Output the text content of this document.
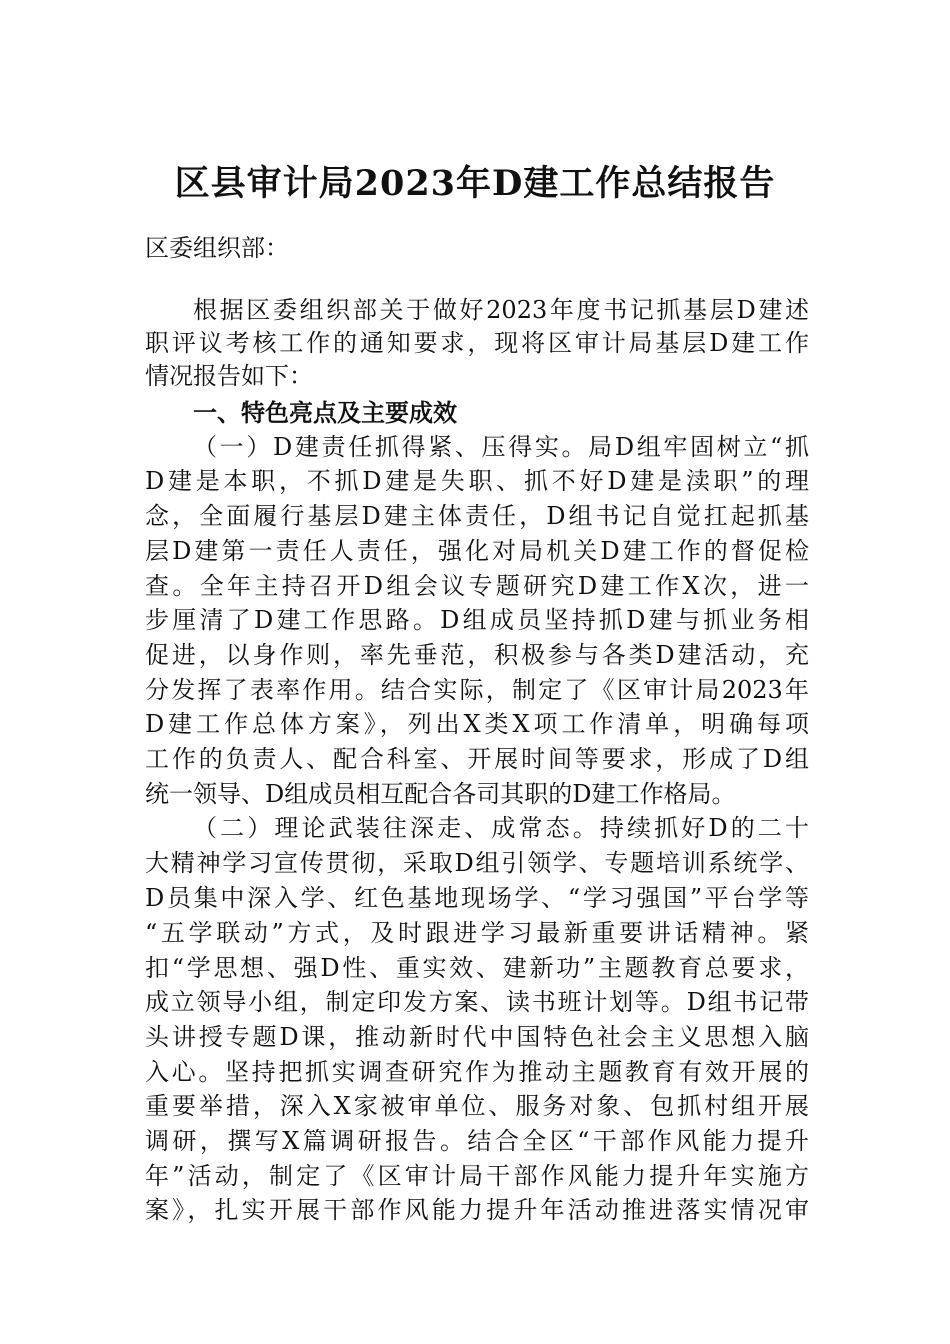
区县审计局2023年D建工作总结报告
区委组织部：
根据区委组织部关于做好2023年度书记抓基层D建述
职评议考核工作的通知要求，现将区审计局基层D建工作
情况报告如下：
一、特色亮点及主要成效
（一）D建责任抓得紧、压得实。局D组牢固树立“抓
D建是本职，不抓D建是失职、抓不好D建是渎职”的理
念，全面履行基层D建主体责任，D组书记自觉扛起抓基
层D建第一责任人责任，强化对局机关D建工作的督促检
查。全年主持召开D组会议专题研究D建工作X次，进一
步厘清了D建工作思路。D组成员坚持抓D建与抓业务相
促进，以身作则，率先垂范，积极参与各类D建活动，充
分发挥了表率作用。结合实际，制定了《区审计局2023年
D建工作总体方案》，列出X类X项工作清单，明确每项
工作的负责人、配合科室、开展时间等要求，形成了D组
统一领导、D组成员相互配合各司其职的D建工作格局。
（二）理论武装往深走、成常态。持续抓好D的二十
大精神学习宣传贯彻，采取D组引领学、专题培训系统学、
D员集中深入学、红色基地现场学、“学习强国”平台学等
“五学联动”方式，及时跟进学习最新重要讲话精神。紧
扣“学思想、强D性、重实效、建新功”主题教育总要求，
成立领导小组，制定印发方案、读书班计划等。D组书记带
头讲授专题D课，推动新时代中国特色社会主义思想入脑
入心。坚持把抓实调查研究作为推动主题教育有效开展的
重要举措，深入X家被审单位、服务对象、包抓村组开展
调研，撰写X篇调研报告。结合全区“干部作风能力提升
年”活动，制定了《区审计局干部作风能力提升年实施方
案》，扎实开展干部作风能力提升年活动推进落实情况审
